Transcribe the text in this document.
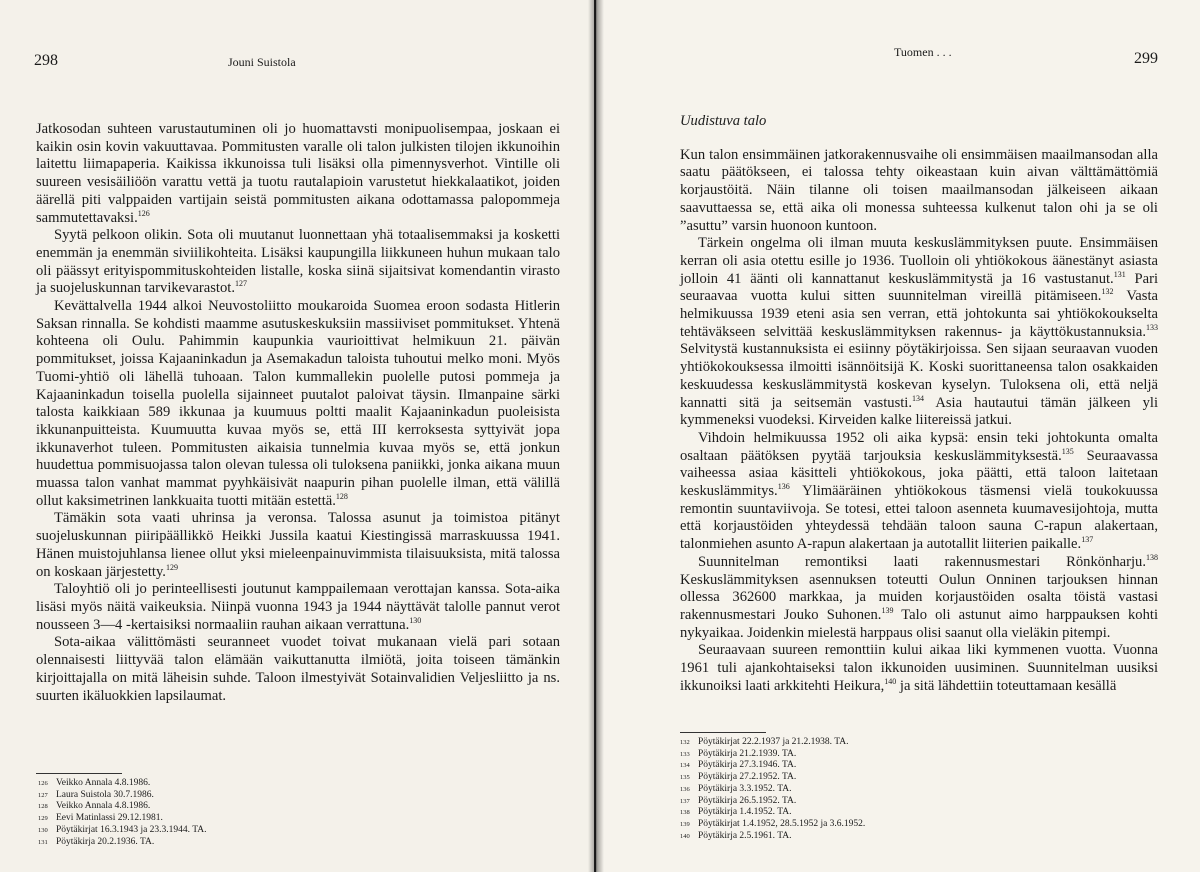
298	Jouni Suistola

Jatkosodan suhteen varustautuminen oli jo huomattavsti monipuolisempaa, joskaan ei kaikin osin kovin vakuuttavaa. Pommitusten varalle oli talon julkisten tilojen ikkunoihin laitettu liimapaperia. Kaikissa ikkunoissa tuli lisäksi olla pimennysverhot. Vintille oli suureen vesisäiliöön varattu vettä ja tuotu rautalapioin varustetut hiekkalaatikot, joiden äärellä piti valppaiden vartijain seistä pommitusten aikana odottamassa palopommeja sammutettavaksi.$^{126}$

Syytä pelkoon olikin. Sota oli muutanut luonnettaan yhä totaalisemmaksi ja kosketti enemmän ja enemmän siviilikohteita. Lisäksi kaupungilla liikkuneen huhun mukaan talo oli päässyt erityispommituskohteiden listalle, koska siinä sijaitsivat komendantin virasto ja suojeluskunnan tarvikevarastot.$^{127}$

Kevättalvella 1944 alkoi Neuvostoliitto moukaroida Suomea eroon sodasta Hitlerin Saksan rinnalla. Se kohdisti maamme asutuskeskuksiin massiiviset pommitukset. Yhtenä kohteena oli Oulu. Pahimmin kaupunkia vaurioittivat helmikuun 21. päivän pommitukset, joissa Kajaaninkadun ja Asemakadun taloista tuhoutui melko moni. Myös Tuomi-yhtiö oli lähellä tuhoaan. Talon kummallekin puolelle putosi pommeja ja Kajaaninkadun toisella puolella sijainneet puutalot paloivat täysin. Ilmanpaine särki talosta kaikkiaan 589 ikkunaa ja kuumuus poltti maalit Kajaaninkadun puoleisista ikkunanpuitteista. Kuumuutta kuvaa myös se, että III kerroksesta syttyivät jopa ikkunaverhot tuleen. Pommitusten aikaisia tunnelmia kuvaa myös se, että jonkun huudettua pommisuojassa talon olevan tulessa oli tuloksena paniikki, jonka aikana muun muassa talon vanhat mammat pyyhkäisivät naapurin pihan puolelle ilman, että välillä ollut kaksimetrinen lankkuaita tuotti mitään estettä.$^{128}$

Tämäkin sota vaati uhrinsa ja veronsa. Talossa asunut ja toimistoa pitänyt suojeluskunnan piiripäällikkö Heikki Jussila kaatui Kiestingissä marraskuussa 1941. Hänen muistojuhlansa lienee ollut yksi mieleenpainuvimmista tilaisuuksista, mitä talossa on koskaan järjestetty.$^{129}$

Taloyhtiö oli jo perinteellisesti joutunut kamppailemaan verottajan kanssa. Sota-aika lisäsi myös näitä vaikeuksia. Niinpä vuonna 1943 ja 1944 näyttävät talolle pannut verot nousseen 3—4 -kertaisiksi normaaliin rauhan aikaan verrattuna.$^{130}$

Sota-aikaa välittömästi seuranneet vuodet toivat mukanaan vielä pari sotaan olennaisesti liittyvää talon elämään vaikuttanutta ilmiötä, joita toiseen tämänkin kirjoittajalla on mitä läheisin suhde. Taloon ilmestyivät Sotainvalidien Veljesliitto ja ns. suurten ikäluokkien lapsilaumat.

126 Veikko Annala 4.8.1986.
127 Laura Suistola 30.7.1986.
128 Veikko Annala 4.8.1986.
129 Eevi Matinlassi 29.12.1981.
130 Pöytäkirjat 16.3.1943 ja 23.3.1944. TA.
131 Pöytäkirja 20.2.1936. TA.
Tuomen . . .	299
Uudistuva talo

Kun talon ensimmäinen jatkorakennusvaihe oli ensimmäisen maailmansodan alla saatu päätökseen, ei talossa tehty oikeastaan kuin aivan välttämättömiä korjaustöitä. Näin tilanne oli toisen maailmansodan jälkeiseen aikaan saavuttaessa se, että aika oli monessa suhteessa kulkenut talon ohi ja se oli ”asuttu” varsin huonoon kuntoon.

Tärkein ongelma oli ilman muuta keskuslämmityksen puute. Ensimmäisen kerran oli asia otettu esille jo 1936. Tuolloin oli yhtiökokous äänestänyt asiasta jolloin 41 äänti oli kannattanut keskuslämmitystä ja 16 vastustanut.$^{131}$ Pari seuraavaa vuotta kului sitten suunnitelman vireillä pitämiseen.$^{132}$ Vasta helmikuussa 1939 eteni asia sen verran, että johtokunta sai yhtiökokoukselta tehtäväkseen selvittää keskuslämmityksen rakennus- ja käyttökustannuksia.$^{133}$ Selvitystä kustannuksista ei esiinny pöytäkirjoissa. Sen sijaan seuraavan vuoden yhtiökokouksessa ilmoitti isännöitsijä K. Koski suorittaneensa talon osakkaiden keskuudessa keskuslämmitystä koskevan kyselyn. Tuloksena oli, että neljä kannatti sitä ja seitsemän vastusti.$^{134}$ Asia hautautui tämän jälkeen yli kymmeneksi vuodeksi. Kirveiden kalke liitereissä jatkui.

Vihdoin helmikuussa 1952 oli aika kypsä: ensin teki johtokunta omalta osaltaan päätöksen pyytää tarjouksia keskuslämmityksestä.$^{135}$ Seuraavassa vaiheessa asiaa käsitteli yhtiökokous, joka päätti, että taloon laitetaan keskuslämmitys.$^{136}$ Ylimääräinen yhtiökokous täsmensi vielä toukokuussa remontin suuntaviivoja. Se totesi, ettei taloon asenneta kuumavesijohtoja, mutta että korjaustöiden yhteydessä tehdään taloon sauna C-rapun alakertaan, talonmiehen asunto A-rapun alakertaan ja autotallit liiterien paikalle.$^{137}$

Suunnitelman remontiksi laati rakennusmestari Rönkönharju.$^{138}$ Keskuslämmityksen asennuksen toteutti Oulun Onninen tarjouksen hinnan ollessa 362600 markkaa, ja muiden korjaustöiden osalta töistä vastasi rakennusmestari Jouko Suhonen.$^{139}$ Talo oli astunut aimo harppauksen kohti nykyaikaa. Joidenkin mielestä harppaus olisi saanut olla vieläkin pitempi.

Seuraavaan suureen remonttiin kului aikaa liki kymmenen vuotta. Vuonna 1961 tuli ajankohtaiseksi talon ikkunoiden uusiminen. Suunnitelman uusiksi ikkunoiksi laati arkkitehti Heikura,$^{140}$ ja sitä lähdettiin toteuttamaan kesällä

132 Pöytäkirjat 22.2.1937 ja 21.2.1938. TA.
133 Pöytäkirja 21.2.1939. TA.
134 Pöytäkirja 27.3.1946. TA.
135 Pöytäkirja 27.2.1952. TA.
136 Pöytäkirja 3.3.1952. TA.
137 Pöytäkirja 26.5.1952. TA.
138 Pöytäkirja 1.4.1952. TA.
139 Pöytäkirjat 1.4.1952, 28.5.1952 ja 3.6.1952.
140 Pöytäkirja 2.5.1961. TA.
